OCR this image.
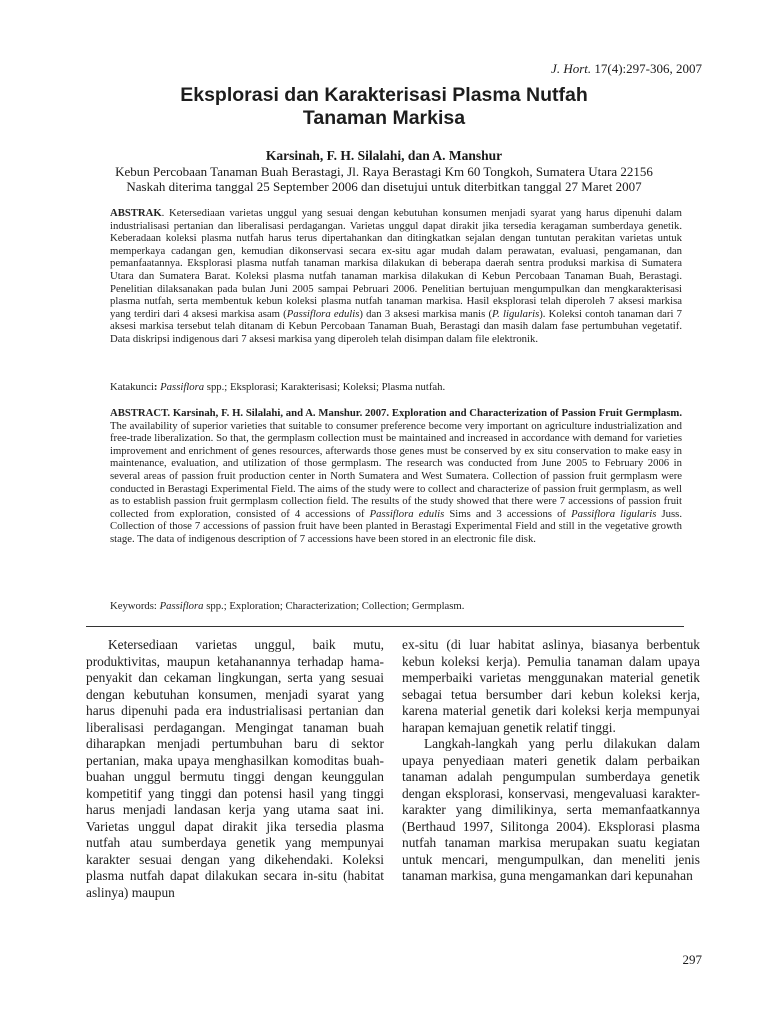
J. Hort. 17(4):297-306, 2007
Eksplorasi dan Karakterisasi Plasma Nutfah
Tanaman Markisa
Karsinah, F. H. Silalahi, dan A. Manshur
Kebun Percobaan Tanaman Buah Berastagi, Jl. Raya Berastagi Km 60 Tongkoh, Sumatera Utara 22156
Naskah diterima tanggal 25 September 2006 dan disetujui untuk diterbitkan tanggal 27 Maret 2007
ABSTRAK. Ketersediaan varietas unggul yang sesuai dengan kebutuhan konsumen menjadi syarat yang harus dipenuhi dalam industrialisasi pertanian dan liberalisasi perdagangan. Varietas unggul dapat dirakit jika tersedia keragaman sumberdaya genetik. Keberadaan koleksi plasma nutfah harus terus dipertahankan dan ditingkatkan sejalan dengan tuntutan perakitan varietas untuk memperkaya cadangan gen, kemudian dikonservasi secara ex-situ agar mudah dalam perawatan, evaluasi, pengamanan, dan pemanfaatannya. Eksplorasi plasma nutfah tanaman markisa dilakukan di beberapa daerah sentra produksi markisa di Sumatera Utara dan Sumatera Barat. Koleksi plasma nutfah tanaman markisa dilakukan di Kebun Percobaan Tanaman Buah, Berastagi. Penelitian dilaksanakan pada bulan Juni 2005 sampai Pebruari 2006. Penelitian bertujuan mengumpulkan dan mengkarakterisasi plasma nutfah, serta membentuk kebun koleksi plasma nutfah tanaman markisa. Hasil eksplorasi telah diperoleh 7 aksesi markisa yang terdiri dari 4 aksesi markisa asam (Passiflora edulis) dan 3 aksesi markisa manis (P. ligularis). Koleksi contoh tanaman dari 7 aksesi markisa tersebut telah ditanam di Kebun Percobaan Tanaman Buah, Berastagi dan masih dalam fase pertumbuhan vegetatif. Data diskripsi indigenous dari 7 aksesi markisa yang diperoleh telah disimpan dalam file elektronik.
Katakunci: Passiflora spp.; Eksplorasi; Karakterisasi; Koleksi; Plasma nutfah.
ABSTRACT. Karsinah, F. H. Silalahi, and A. Manshur. 2007. Exploration and Characterization of Passion Fruit Germplasm. The availability of superior varieties that suitable to consumer preference become very important on agriculture industrialization and free-trade liberalization. So that, the germplasm collection must be maintained and increased in accordance with demand for varieties improvement and enrichment of genes resources, afterwards those genes must be conserved by ex situ conservation to make easy in maintenance, evaluation, and utilization of those germplasm. The research was conducted from June 2005 to February 2006 in several areas of passion fruit production center in North Sumatera and West Sumatera. Collection of passion fruit germplasm were conducted in Berastagi Experimental Field. The aims of the study were to collect and characterize of passion fruit germplasm, as well as to establish passion fruit germplasm collection field. The results of the study showed that there were 7 accessions of passion fruit collected from exploration, consisted of 4 accessions of Passiflora edulis Sims and 3 accessions of Passiflora ligularis Juss. Collection of those 7 accessions of passion fruit have been planted in Berastagi Experimental Field and still in the vegetative growth stage. The data of indigenous description of 7 accessions have been stored in an electronic file disk.
Keywords: Passiflora spp.; Exploration; Characterization; Collection; Germplasm.

Ketersediaan varietas unggul, baik mutu, produktivitas, maupun ketahanannya terhadap hama-penyakit dan cekaman lingkungan, serta yang sesuai dengan kebutuhan konsumen, menjadi syarat yang harus dipenuhi pada era industrialisasi pertanian dan liberalisasi perdagangan. Mengingat tanaman buah diharapkan menjadi pertumbuhan baru di sektor pertanian, maka upaya menghasilkan komoditas buah-buahan unggul bermutu tinggi dengan keunggulan kompetitif yang tinggi dan potensi hasil yang tinggi harus menjadi landasan kerja yang utama saat ini. Varietas unggul dapat dirakit jika tersedia plasma nutfah atau sumberdaya genetik yang mempunyai karakter sesuai dengan yang dikehendaki. Koleksi plasma nutfah dapat dilakukan secara in-situ (habitat aslinya) maupun

ex-situ (di luar habitat aslinya, biasanya berbentuk kebun koleksi kerja). Pemulia tanaman dalam upaya memperbaiki varietas menggunakan material genetik sebagai tetua bersumber dari kebun koleksi kerja, karena material genetik dari koleksi kerja mempunyai harapan kemajuan genetik relatif tinggi.

Langkah-langkah yang perlu dilakukan dalam upaya penyediaan materi genetik dalam perbaikan tanaman adalah pengumpulan sumberdaya genetik dengan eksplorasi, konservasi, mengevaluasi karakter-karakter yang dimilikinya, serta memanfaatkannya (Berthaud 1997, Silitonga 2004). Eksplorasi plasma nutfah tanaman markisa merupakan suatu kegiatan untuk mencari, mengumpulkan, dan meneliti jenis tanaman markisa, guna mengamankan dari kepunahan

297
